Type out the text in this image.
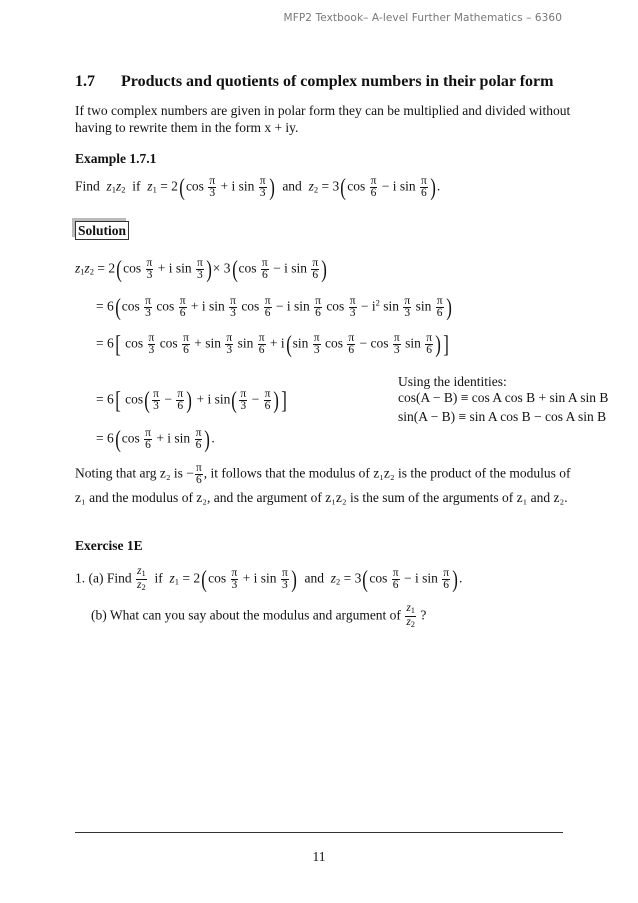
MFP2 Textbook– A-level Further Mathematics – 6360
1.7 Products and quotients of complex numbers in their polar form
If two complex numbers are given in polar form they can be multiplied and divided without
having to rewrite them in the form x + iy.
Example 1.7.1
Find $z_1z_2$ if $z_1 = 2(\cos \frac{\pi}{3} + i$ $\sin \frac{\pi}{3}$ ) and $z_2 = 3(\cos \frac{\pi}{6} - i$ $\sin \frac{\pi}{6}$ ).
Solution
$z_1z_2 = 2(\cos \frac{\pi}{3} + i$ $\sin \frac{\pi}{3}$ )× $3(\cos \frac{\pi}{6} - i$ $\sin \frac{\pi}{6}$ )
= $6(\cos \frac{\pi}{3}$ $\cos \frac{\pi}{6} + i$ $\sin \frac{\pi}{3}$ $\cos \frac{\pi}{6} - i$ $\sin \frac{\pi}{6}$ $\cos \frac{\pi}{3} - i^2$ $\sin \frac{\pi}{3}$ $\sin \frac{\pi}{6}$ )
= 6[ $\cos \frac{\pi}{3}$ $\cos \frac{\pi}{6} + \sin \frac{\pi}{3}$ $\sin \frac{\pi}{6} + i(\sin \frac{\pi}{3}$ $\cos \frac{\pi}{6} - \cos \frac{\pi}{3}$ $\sin \frac{\pi}{6}$ )]
= 6[ $\cos( \frac{\pi}{3} - \frac{\pi}{6}$ ) + i $\sin( \frac{\pi}{3} - \frac{\pi}{6}$ ) ]
= $6(\cos \frac{\pi}{6} + i$ $\sin \frac{\pi}{6}$ ).
Using the identities:
cos(A − B) ≡ cos A cos B + sin A sin B
sin(A − B) ≡ sin A cos B − cos A sin B
Noting that arg z₂ is − $\frac{\pi}{6}$ , it follows that the modulus of z₁z₂ is the product of the modulus of
z₁ and the modulus of z₂, and the argument of z₁z₂ is the sum of the arguments of z₁ and z₂.
Exercise 1E
1. (a) Find $\frac{z_1}{z_2}$ if $z_1 = 2(\cos \frac{\pi}{3} + i$ $\sin \frac{\pi}{3}$ ) and $z_2 = 3(\cos \frac{\pi}{6} - i$ $\sin \frac{\pi}{6}$ ).
(b) What can you say about the modulus and argument of $\frac{z_1}{z_2}$ ?
11
